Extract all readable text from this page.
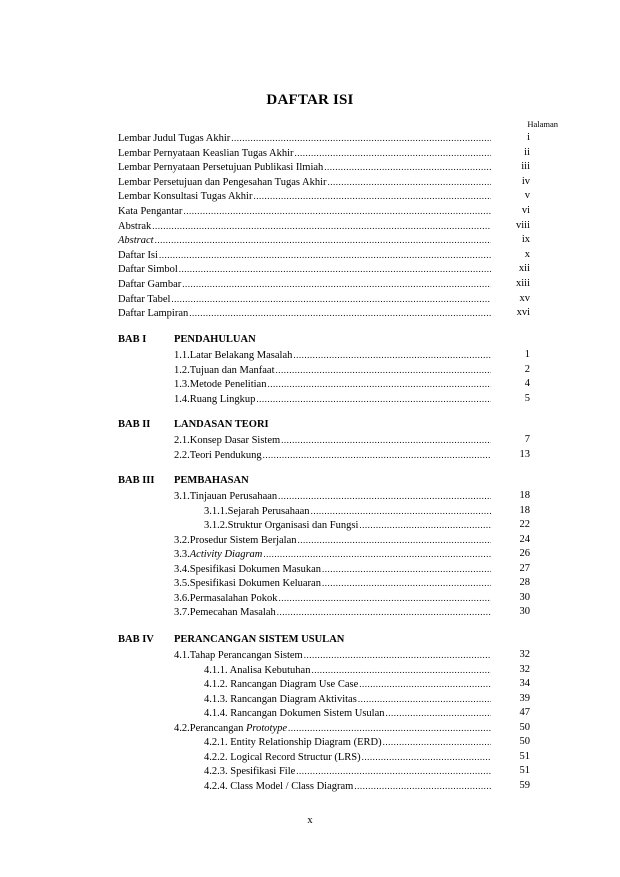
DAFTAR ISI
Halaman
Lembar Judul Tugas Akhir .....	i
Lembar Pernyataan Keaslian Tugas Akhir .....	ii
Lembar Pernyataan Persetujuan Publikasi Ilmiah .....	iii
Lembar Persetujuan dan Pengesahan Tugas Akhir .....	iv
Lembar Konsultasi Tugas Akhir .....	v
Kata Pengantar .....	vi
Abstrak .....	viii
Abstract .....	ix
Daftar Isi .....	x
Daftar Simbol .....	xii
Daftar Gambar .....	xiii
Daftar Tabel .....	xv
Daftar Lampiran .....	xvi
BAB I	PENDAHULUAN
1.1. Latar Belakang Masalah .....	1
1.2. Tujuan dan Manfaat .....	2
1.3. Metode Penelitian .....	4
1.4. Ruang Lingkup .....	5
BAB II LANDASAN TEORI
2.1. Konsep Dasar Sistem .....	7
2.2. Teori Pendukung .....	13
BAB III PEMBAHASAN
3.1. Tinjauan Perusahaan .....	18
3.1.1. Sejarah Perusahaan .....	18
3.1.2. Struktur Organisasi dan Fungsi .....	22
3.2. Prosedur Sistem Berjalan .....	24
3.3. Activity Diagram .....	26
3.4. Spesifikasi Dokumen Masukan .....	27
3.5. Spesifikasi Dokumen Keluaran .....	28
3.6. Permasalahan Pokok .....	30
3.7. Pemecahan Masalah .....	30
BAB IV PERANCANGAN SISTEM USULAN
4.1. Tahap Perancangan Sistem .....	32
4.1.1. Analisa Kebutuhan .....	32
4.1.2. Rancangan Diagram Use Case .....	34
4.1.3. Rancangan Diagram Aktivitas .....	39
4.1.4. Rancangan Dokumen Sistem Usulan .....	47
4.2. Perancangan Prototype .....	50
4.2.1. Entity Relationship Diagram (ERD) .....	50
4.2.2. Logical Record Structur (LRS) .....	51
4.2.3. Spesifikasi File .....	51
4.2.4. Class Model / Class Diagram .....	59
x
